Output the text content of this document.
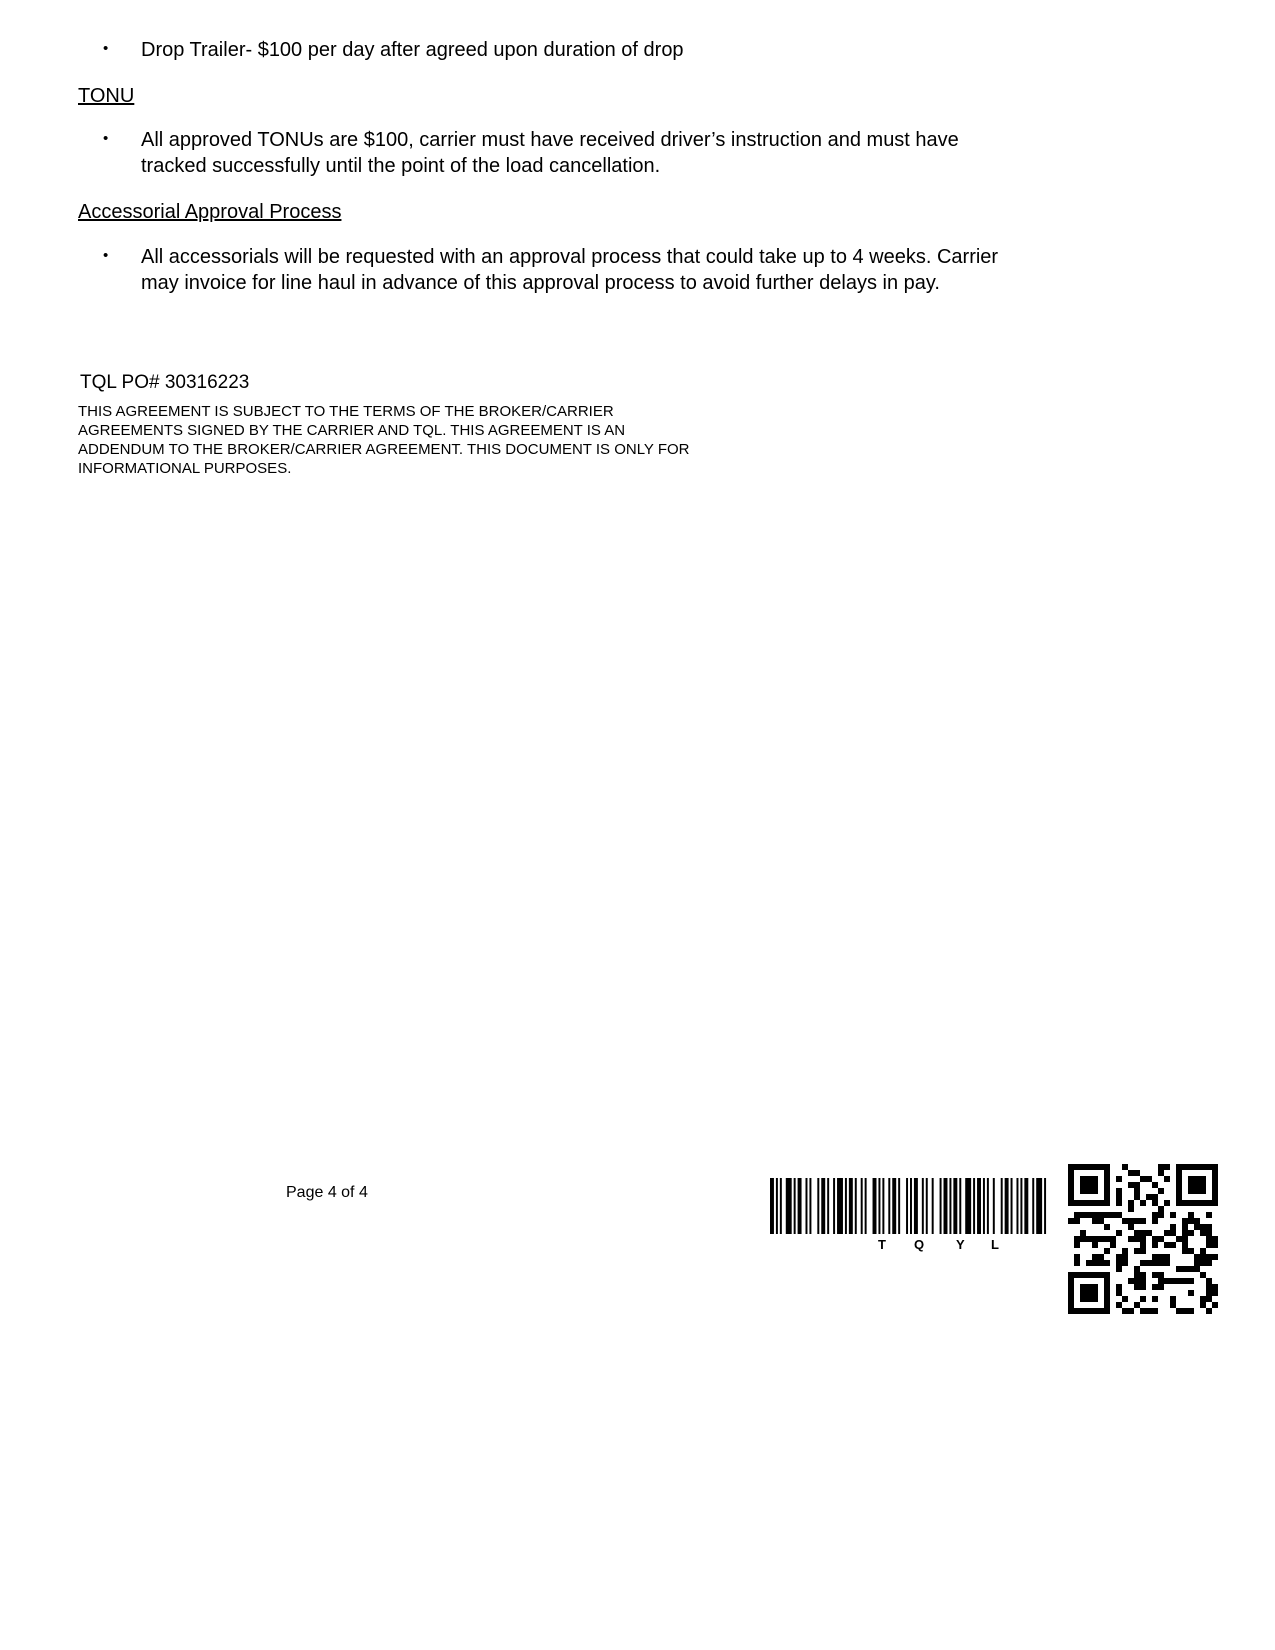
• Drop Trailer- $100 per day after agreed upon duration of drop
TONU
• All approved TONUs are $100, carrier must have received driver’s instruction and must have
tracked successfully until the point of the load cancellation.
Accessorial Approval Process
• All accessorials will be requested with an approval process that could take up to 4 weeks. Carrier
may invoice for line haul in advance of this approval process to avoid further delays in pay.
TQL PO# 30316223
THIS AGREEMENT IS SUBJECT TO THE TERMS OF THE BROKER/CARRIER
AGREEMENTS SIGNED BY THE CARRIER AND TQL. THIS AGREEMENT IS AN
ADDENDUM TO THE BROKER/CARRIER AGREEMENT. THIS DOCUMENT IS ONLY FOR
INFORMATIONAL PURPOSES.
Page 4 of 4
T Q Y L
